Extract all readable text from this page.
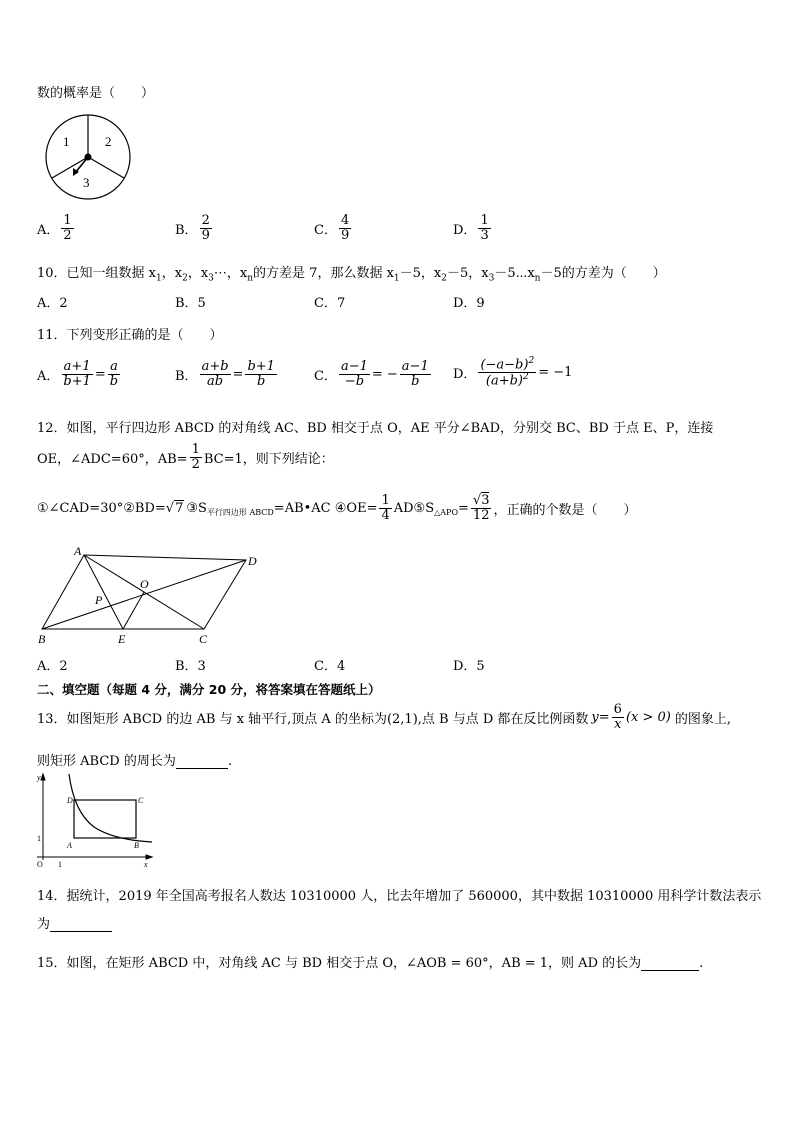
数的概率是（　　）
1	2
3
A． $\frac{1}{2}$	B． $\frac{2}{9}$	C． $\frac{4}{9}$	D． $\frac{1}{3}$
10．已知一组数据 $x_1$，$x_2$，$x_3\cdots$，$x_n$的方差是 7，那么数据 $x_1-5$，$x_2-5$，$x_3-5\cdots x_n-5$的方差为（　　）
A．2	B．5	C．7	D．9
11．下列变形正确的是（　　）
A． $\frac{a+1}{b+1} = \frac{a}{b}$	B． $\frac{a+b}{ab} = \frac{b+1}{b}$	C． $\frac{a-1}{-b}$ = − $\frac{a-1}{b}$ D． $\frac{(-a-b)^2}{(a+b)^2} = -1$
12．如图，平行四边形 ABCD 的对角线 AC、BD 相交于点 O，AE 平分∠BAD，分别交 BC、BD 于点 E、P，连接
OE，∠ADC=60°，$AB= \frac{1}{2} BC=1$，则下列结论：
①∠CAD=30°②BD= √7 $③S_{平行四边形 ABCD}$ =AB•AC ④OE= $\frac{1}{4}$ $AD⑤S_{\triangle APO} = \frac{√3}{12}$ ，正确的个数是（　　）
A
D
O
P
B	E	C
A．2	B．3	C．4	D．5
二、填空题（每题 4 分，满分 20 分，将答案填在答题纸上）
13．如图矩形 ABCD 的边 AB 与 x 轴平行,顶点 A 的坐标为(2,1),点 B 与点 D 都在反比例函数 $y = \frac{6}{x} (x > 0)$ 的图象上,
则矩形 ABCD 的周长为	.
y
D	C
1
A	B
O 1	x
14．据统计，2019 年全国高考报名人数达 10310000 人，比去年增加了 560000，其中数据 10310000 用科学计数法表示
为
15．如图，在矩形 ABCD 中，对角线 AC 与 BD 相交于点 O，∠AOB = 60°，AB = 1，则 AD 的长为	.
